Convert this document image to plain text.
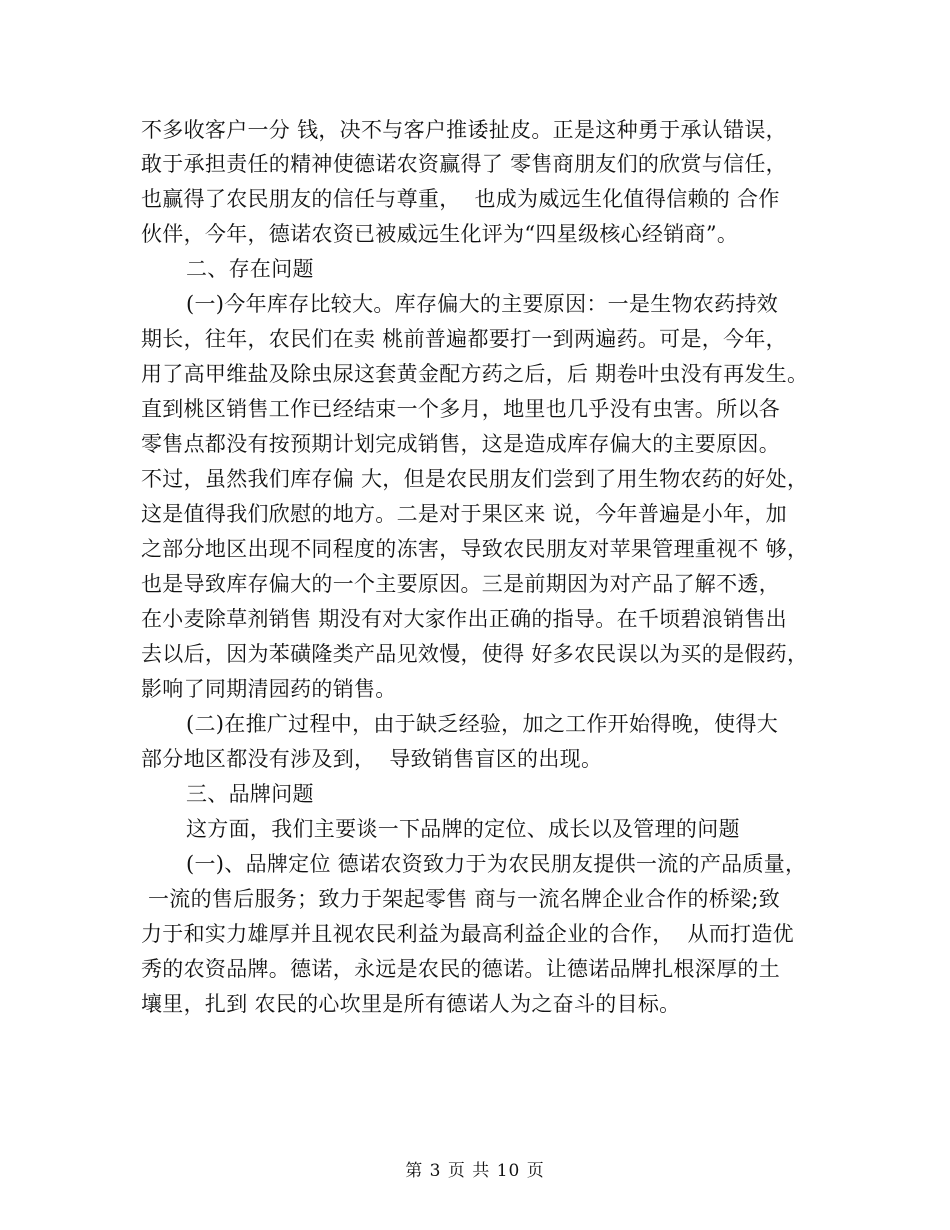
不多收客户一分 钱，决不与客户推诿扯皮。正是这种勇于承认错误，
敢于承担责任的精神使德诺农资赢得了 零售商朋友们的欣赏与信任，
也赢得了农民朋友的信任与尊重，  也成为威远生化值得信赖的 合作
伙伴，今年，德诺农资已被威远生化评为“四星级核心经销商”。
二、存在问题
(一)今年库存比较大。库存偏大的主要原因：一是生物农药持效
期长，往年，农民们在卖 桃前普遍都要打一到两遍药。可是，今年，
用了高甲维盐及除虫尿这套黄金配方药之后，后 期卷叶虫没有再发生。
直到桃区销售工作已经结束一个多月，地里也几乎没有虫害。所以各
零售点都没有按预期计划完成销售，这是造成库存偏大的主要原因。
不过，虽然我们库存偏 大，但是农民朋友们尝到了用生物农药的好处，
这是值得我们欣慰的地方。二是对于果区来 说，今年普遍是小年，加
之部分地区出现不同程度的冻害，导致农民朋友对苹果管理重视不 够，
也是导致库存偏大的一个主要原因。三是前期因为对产品了解不透，
在小麦除草剂销售 期没有对大家作出正确的指导。在千顷碧浪销售出
去以后，因为苯磺隆类产品见效慢，使得 好多农民误以为买的是假药，
影响了同期清园药的销售。
(二)在推广过程中，由于缺乏经验，加之工作开始得晚，使得大
部分地区都没有涉及到，  导致销售盲区的出现。
三、品牌问题
这方面，我们主要谈一下品牌的定位、成长以及管理的问题
(一)、品牌定位 德诺农资致力于为农民朋友提供一流的产品质量，
一流的售后服务；致力于架起零售 商与一流名牌企业合作的桥梁;致
力于和实力雄厚并且视农民利益为最高利益企业的合作，  从而打造优
秀的农资品牌。德诺，永远是农民的德诺。让德诺品牌扎根深厚的土
壤里，扎到 农民的心坎里是所有德诺人为之奋斗的目标。
第 3 页 共 10 页
